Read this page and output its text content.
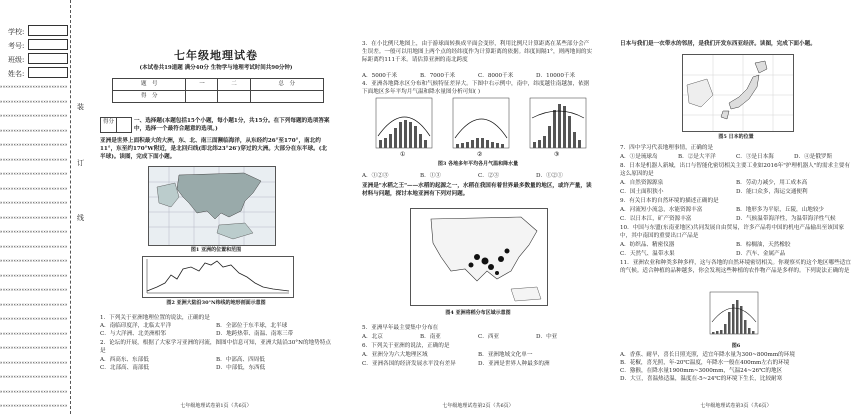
学校:
考号:
班级:
姓名:
装
订
线
×××××××××××××××××××××××××
×××××××××××××××××××××××××
×××××××××××××××××××××××××
×××××××××××××××××××××××××
×××××××××××××××××××××××××
×××××××××××××××××××××××××
×××××××××××××××××××××××××
×××××××××××××××××××××××××
×××××××××××××××××××××××××
×××××××××××××××××××××××××
×××××××××××××××××××××××××
×××××××××××××××××××××××××
×××××××××××××××××××××××××
×××××××××××××××××××××××××
×××××××××××××××××××××××××
×××××××××××××××××××××××××
×××××××××××××××××××××××××
×××××××××××××××××××××××××
×××××××××××××××××××××××××
×××××××××××××××××××××××××
×××××××××××××××××××××××××
×××××××××××××××××××××××××
×××××××××××××××××××××××××
七年级地理试卷
(本试卷共19道题 满分40分 生物学与地理考试时间共90分钟)
题　号	一	二	总　分
得　分			
得分	一、选择题(本题包括15个小题，每小题1分，共15分。在下列每题的选项答案中，选择一个最符合题意的选项。)
亚洲是世界上面积最大的大洲，东、北、南三面濒临海洋，从东经约26°至170°，南北约 11°，东至约170°W附近，是北回归线(即北纬23°26′)穿过的大洲。大部分在东半球。(北半球)。读图，完成下面小题。
图1 亚洲的位置和范围
图2 亚洲大陆沿30°N纬线的地形剖面示意图
1．下列关于亚洲地理位置的说法，正确的是
A．南临印度洋，北临太平洋	B．全部位于东半球，北半球
C．与大洋洲、北美洲相邻	D．地跨热带、南温、南寒三带
2．论坛的开展，根据了大家学习亚洲的河流，图图中信息可知，亚洲大陆沿30°N的地势特点是
A．西高东、东部低	B．中部高、四周低
C．北部高、南部低	D．中部低，东西低
七年级地理试卷第1页（共6页）
3．在小比例尺地图上，由于游球面转换成平面会变形，利用比例尺计算距离在某些部分会产生误差。一般可以用地图上两个点的经纬度作为计算距离的依据。纬度间隔1°，则两地间的实际距离约111千米。请估算亚洲的南北跨度
A．5000千米	B．7000千米	C．8000千米	D．10000千米
4．亚洲各地降水区分布和气候特征差异大。下图中右示例中，南中，纬度越往南越加，依据下面地区多年平均月气温和降水量图分析可知( )
①	②	③
图3 各地多年平均各月气温和降水量
A．①②③	B．①③	C．②③	D．①②①
亚洲是"水稻之王"——水稻的起源之一，水稻在我国有着世界最多数量的地区，或许产量，读材料与问题，探讨本地亚洲有下列对问题。
图4 亚洲将稻分布区域示意图
5．亚洲早年最主要集中分布在
A．北京	B．南亚	C．西亚	D．中亚
6．下列关于亚洲的说法，正确的是
A．亚洲分为六大地理区域	B．亚洲地域文化单一
C．亚洲各国的经济发展水平没有差异	D．亚洲是世界人种最多的洲
七年级地理试卷第2页（共6页）
日本与我们是一衣带水的邻居，是我们开发东西亚经济。读图，完成下面小题。
图5 日本的位置
7．四中学习代表地理事情，正确的是
A．①是琉球岛	B．②是大平洋	C．③是日本海	D．④是俄罗斯
8．日本是机器人新城，出口与智能化密切相关主要工业如2016年"护理机器人"的需求主要有这么原因的是
A．自然资源源泉	B．劳动力减少，用工成本高
C．国土面积狭小	D．能口众多，海运交通便利
9．有关日本的自然环境的描述正确的是
A．河流短小流急，水能资源丰富	B．地形多为平原，丘陵，山地较少
C．以日本江，矿产资源丰富	D．气候温带海洋性，为温带海洋性气候
10．中国与东盟(东南亚地区)共同发展自由贸易，许多产品将中国的机电产品输出至该国家中，其中南国的重要出口产品是
A．纺织品、精密仪器	B．棕榈油，天然橡胶
C．天然气、温带水果	D．汽车、金属产品
11．亚洲农业和种类多种多样，这与各地的自然环境密切相关。你观察买的这个地区哪些适宜的气候。适合种植的品种越多，你会发现这些种植的农作物产品是多样的。下列说法正确的是
图6
A．香蕉、耐旱，喜长日照光照，适宜年降水量为300~800mm的环境
B．花椒，喜光照，年-20℃温度，年降水一般在400mm左右的环境
C．猕猴，在降水量1900mm~3000mm，气温24~26℃的地区
D．大豆，喜温热适温，温度在-5~24℃的环境下生长，比较耐寒
七年级地理试卷第3页（共6页）
